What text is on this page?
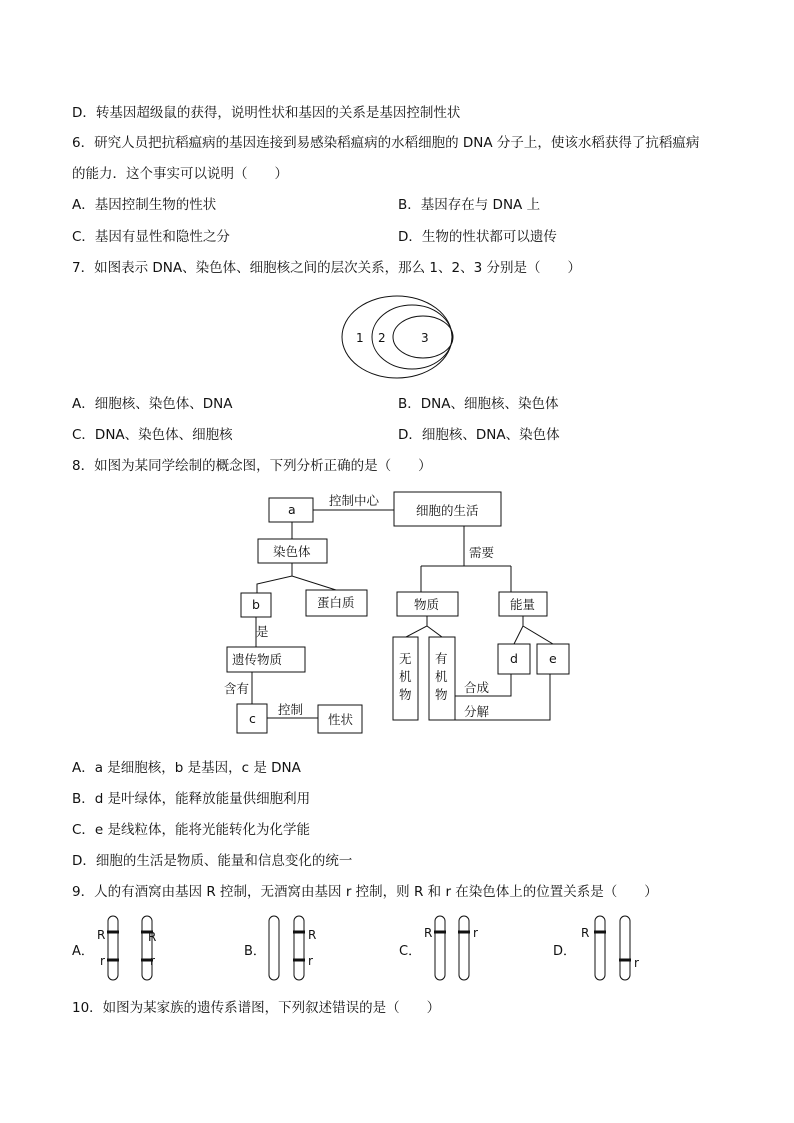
D．转基因超级鼠的获得，说明性状和基因的关系是基因控制性状
6．研究人员把抗稻瘟病的基因连接到易感染稻瘟病的水稻细胞的 DNA 分子上，使该水稻获得了抗稻瘟病
的能力．这个事实可以说明（　　）
A．基因控制生物的性状	B．基因存在与 DNA 上
C．基因有显性和隐性之分	D．生物的性状都可以遗传
7．如图表示 DNA、染色体、细胞核之间的层次关系，那么 1、2、3 分别是（　　）
1 2	3
A．细胞核、染色体、DNA	B．DNA、细胞核、染色体
C．DNA、染色体、细胞核	D．细胞核、DNA、染色体
8．如图为某同学绘制的概念图，下列分析正确的是（　　）
a
控制中心
细胞的生活
染色体
b	蛋白质
是
遗传物质
含有
c
控制
性状
需要
物质	能量
无
机
物
有
机
物
d e
合成
分解
A．a 是细胞核，b 是基因，c 是 DNA
B．d 是叶绿体，能释放能量供细胞利用
C．e 是线粒体，能将光能转化为化学能
D．细胞的生活是物质、能量和信息变化的统一
9．人的有酒窝由基因 R 控制，无酒窝由基因 r 控制，则 R 和 r 在染色体上的位置关系是（　　）
A．
R
r
R
r
B．
R
r
C．
R	r
D．
R
r
10．如图为某家族的遗传系谱图，下列叙述错误的是（　　）
